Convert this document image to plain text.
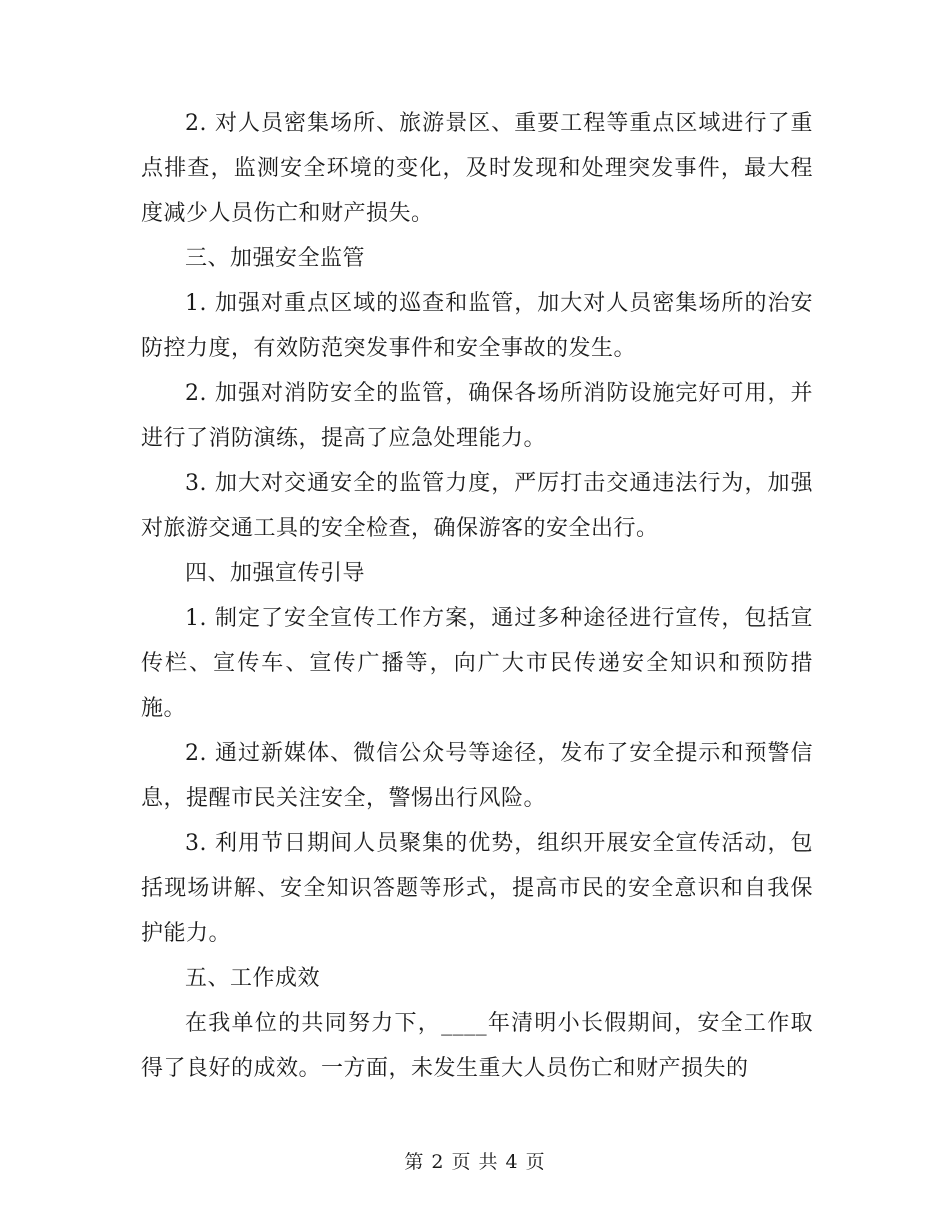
2. 对人员密集场所、旅游景区、重要工程等重点区域进行了重点排查，监测安全环境的变化，及时发现和处理突发事件，最大程度减少人员伤亡和财产损失。

三、加强安全监管

1. 加强对重点区域的巡查和监管，加大对人员密集场所的治安防控力度，有效防范突发事件和安全事故的发生。

2. 加强对消防安全的监管，确保各场所消防设施完好可用，并进行了消防演练，提高了应急处理能力。

3. 加大对交通安全的监管力度，严厉打击交通违法行为，加强对旅游交通工具的安全检查，确保游客的安全出行。

四、加强宣传引导

1. 制定了安全宣传工作方案，通过多种途径进行宣传，包括宣传栏、宣传车、宣传广播等，向广大市民传递安全知识和预防措施。

2. 通过新媒体、微信公众号等途径，发布了安全提示和预警信息，提醒市民关注安全，警惕出行风险。

3. 利用节日期间人员聚集的优势，组织开展安全宣传活动，包括现场讲解、安全知识答题等形式，提高市民的安全意识和自我保护能力。

五、工作成效

在我单位的共同努力下，____年清明小长假期间，安全工作取得了良好的成效。一方面，未发生重大人员伤亡和财产损失的

第 2 页 共 4 页
